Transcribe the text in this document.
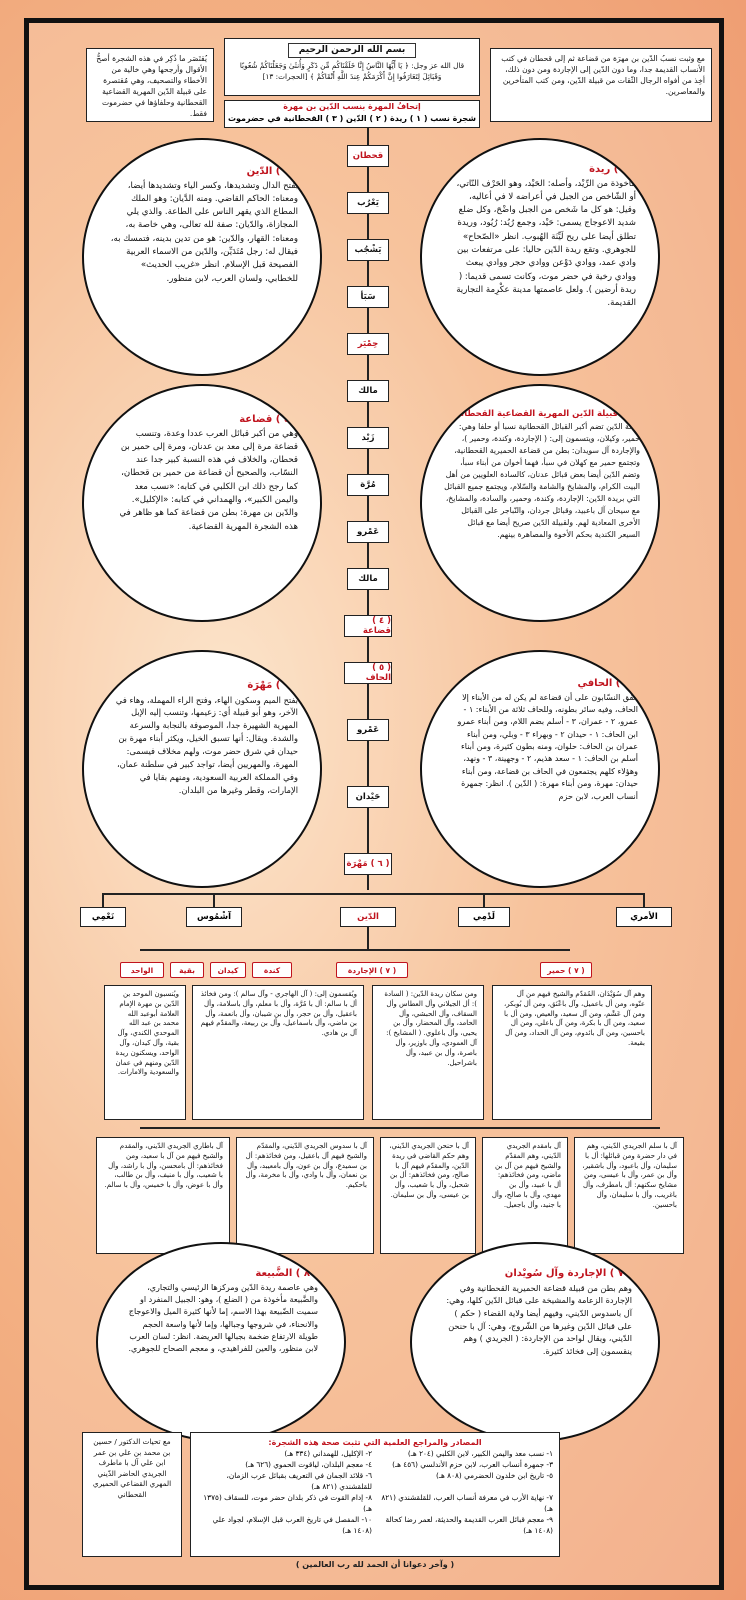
مع وثبت نسبُ الدّين بن مهرَة من قضاعة ثم إلى قحطان في كتب الأنساب القديمة جدا، وما دون الدّين إلى الإجاردة ومن دون ذلك، أخِذ من أفواه الرجال الثّقات من قبيلة الدّين، ومن كتب المتأخرين والمعاصرين.
بسم الله الرحمن الرحيم
قال الله عز وجل: ﴿ يَا أَيُّهَا النَّاسُ إِنَّا خَلَقْنَاكُم مِّن ذَكَرٍ وَأُنثَىٰ وَجَعَلْنَاكُمْ شُعُوبًا وَقَبَائِلَ لِتَعَارَفُوا إِنَّ أَكْرَمَكُمْ عِندَ اللَّهِ أَتْقَاكُمْ ﴾ [الحجرات: ١٣]
يُقتَصَر ما ذُكِر في هذه الشجرة أصحُّ الأقوال وأرجحها وهي خالية من الأخطاء والتصحيف، وهي مُقتصرة على قبيلة الدّين المهرية القضاعية القحطانية وحلفاؤها في حضرموت فقط.
إتحافُ المهرة بنسب الدّين بن مهرة
شجرة نسب ( ١ ) ريدة ( ٢ ) الدّين ( ٣ ) القحطانية في حضرموت
قحطان
يَعْرُب
يَشْجُب
سَبَأ
حِمْيَر
مالك
زَيْد
مُرَّة
عَمْرو
مالك
( ٤ ) قضاعة
( ٥ ) الحاف
عَمْرو
حَيْدان
( ٦ ) مَهْرَة
( ١ ) ريدة
مأخوذة من الرِّيْد، وأصله: الحَيْد، وهو الحَرْف النّاتي، أو الشّاخص من الجبل في أعراضه لا في أعاليه، وقيل: هو كل ما شَخص من الجبل واضْحَ، وكل ضلع شديد الاعوجاج يسمى: حَيْد، وجمع رُيُد: رُيُود، وريدة تطلق أيضا على ريح لَيِّنَة الهُبوب. انظر «الصّحاح» للجوهري. وتقع ريدة الدّين حاليا: على مرتفعات بين وادي عمد، ووادي دَوْعن ووادي حجر ووادي يبعث ووادي رخية في حضر موت، وكانت تسمى قديما: ( ريدة أرضين ). ولعل عاصمتها مدينة عكْرِمة التجارية القديمة.
( ٢ ) الدّين
بفتح الدال وتشديدها، وكسر الياء وتشديدها أيضا، ومعناه: الحاكم القاضي. ومنه الدَّيان: وهو الملك المطاع الذي يقهر الناس على الطاعة. والذي يلي المجازاة، والدّيان: صفة لله تعالى، وهي خاصة به، ومعناه: القهار، والدّين: هو من تدين بدينه، فتمسك به، فيقال له: رجل مُتَدَيِّن، والدّين من الاسماء العربية الفصيحة قبل الإسلام. انظر «غريب الحديث» للخطابي، ولسان العرب، لابن منظور.
( ٣ ) قبيلة الدّين المهرية القضاعية القحطانية
قبيلة الدّين تضم أكبر القبائل القحطانية نسبا أو حلفا وهي: حمير، وكيلان، ويتسمون إلى: ( الإجاردة، وكندة، وحمير )، والإجاردة آل سويدان: بطن من قضاعة الحميرية القحطانية، وتجتمع حمير مع كهلان في سبأ، فهما أخوان من أبناء سبأ، وتضم الدّين أيضا بعض قبائل عدنان، كالسادة العلويين من أهل البيت الكرام، والمشايخ والشامة والسّلام، ويجتمع جميع القبائل التي بريدة الدّين: الإجاردة، وكندة، وحمير، والسادة، والمشايخ، مع سيحان آل باعبيد، وقبائل جردان، والنّباجر على القبائل الأخرى المعادية لهم. ولقبيلة الدّين صريح أيضا مع قبائل السيعر الكندية بحكم الأخوة والمصاهرة بينهم.
( ٤ ) قضاعة
وهي من أكبر قبائل العرب عددا وعدة، وتنسب قضاعة مرة إلى معد بن عدنان، ومرة إلى حمير بن قحطان، والخلاف في هذه النسبة كبير جدا عند النسّاب، والصحيح أن قضاعة من حمير بن قحطان، كما رجح ذلك ابن الكلبي في كتابه: «نسب معد واليمن الكبير»، والهمداني في كتابه: «الإكليل». والدّين بن مهرة: بطن من قضاعة كما هو ظاهر في هذه الشجرة المهرية القضاعية.
( ٥ ) الحافي
اتفق النسّابون على أن قضاعة لم يكن له من الأبناء إلا الحاف، وفيه سائر بطونه، وللحاف ثلاثة من الأبناء: ١ - عمرو، ٢ - عمران، ٣ - أسلم بضم اللام، ومن أبناء عمرو ابن الحاف: ١ - حيدان ٢ - وبهراء ٣ - وبلي، ومن أبناء عمران بن الحاف: حلوان، ومنه بطون كثيرة، ومن أبناء أسلم بن الحاف: ١ - سعد هذيم، ٢ - وجهينة، ٣ - ونهد، وهؤلاء كلهم يجتمعون في الحاف بن قضاعة، ومن أبناء حيدان: مهرة، ومن أبناء مهرة: ( الدّين ). انظر: جمهرة أنساب العرب، لابن حزم
( ٦ ) مَهْرَة
بفتح الميم وسكون الهاء، وفتح الراء المهملة، وهاء في الآخر، وهو أبو قبيلة أي: زعيمها، وتنسب إليه الإبل المهرية الشهيرة جدا، الموصوفة بالنجابة والسرعة والشدة. ويقال: أنها تسبق الخيل، ويكثر أبناء مهرة بن حيدان في شرق حضر موت، ولهم مخلاف فيسمى: المهرة، والمهريين أيضا، تواجد كبير في سلطنة عمان، وفي المملكة العربية السعودية، ومنهم بقايا في الإمارات، وقطر وغيرها من البلدان.
نَعْمِي	آشْمُوس	الدّين	لَدْمِي	الأمري
الواحد	بقية	كيدان	كندة	( ٧ ) الإجاردة	( ٧ ) حمير
وهم آل سُوَيْدَان، المُقدّم والشيخ فيهم من آل عنّوه، ومن أل باعميل، وآل باعْنَق، ومن أل بُوبكر، ومن آل عَشْم، ومن آل سعيد، والعيص، ومن أل با سعيد، ومن آل با بكرة، ومن آل باعلي، ومن أل باحسين، ومن آل بائدوم، ومن آل الحداد، ومن آل بقيعة.
ومن سكان ريدة الدّين: ( السادة ): أل الجيلاني وأل العطاس وأل السقاف، وأل الحبشي، وأل الحامد، وأل المحضار، وأل بن يحيى، وأل باعلوي. ( المشايخ ): آل العمودي، وأل باوزير، وأل باصرة، وأل بن عبيد، وأل باشراحيل.
ويُقسمون إلى: ( آل الهاجري - وآل سالم ): ومن فخائذ أل با سالم: أل با مُرَّة، وأل با معلم، وأل باسلامة، وأل باعقيل، وأل بن حجر، وأل بن شيبان، وأل بانعمة، وأل بن ماضي، وأل باسماعيل، وأل بن ربيعة، والمقدّم فيهم آل بن هادي.
ويُنسبون الموحد بن الدّين بن مهرة الإمام العلامة أبوعبد الله محمد بن عبد الله الموحدي الكندي، وآل بقية، وآل كيدان، وآل الواحد، ويسكنون ريدة الدّين ومنهم في عمان والسعودية والامارات.
آل با سلم الجريدي الدّيني، وهم في دار حضرة ومن قبائلها: أل با سليمان، وأل باعبود، وأل باشقير، وأل بن عمر، وأل با عيسى، ومن مشايخ سكنهم: أل بامطرف، وأل باغريب، وأل با سليمان، وأل باحسين.
آل بامقدم الجريدي الدّيني، وهم المقدّم والشيخ فيهم من آل بن ماضي، ومن فخائذهم: أل با عبيد، وأل بن مهدي، وأل با صالح، وأل با جنيد، وأل باجعيل.
آل با حنحن الجريدي الدّيني، وهم حكم القاضي في ريدة الدّين، والمقدّم فيهم آل با صالح، ومن فخائذهم: أل بن شحبل، وأل با شعيب، وأل بن عيسى، وأل بن سليمان.
آل با سدوس الجريدي الدّيني، والمقدّم والشيخ فيهم آل باعقيل، ومن فخائذهم: أل بن سميدع، وأل بن عون، وأل بامعيبد، وأل بن نعمان، وأل با وادي، وأل با مخرمة، وأل باحكيم.
آل باطاري الجريدي الدّيني، والمقدم والشيخ فيهم من آل با سعيد، ومن فخائذهم: أل بامحسن، وأل با راشد، وأل با شعيب، وأل با منيف، وأل بن طالب، وأل با عوض، وأل با خميس، وأل با سالم.
( ٧ ) الإجاردة وآل سُويْدان
وهم بطن من قبيلة قضاعة الحميرية القحطانية وفي الإجاردة الزعامة والمشيخة على قبائل الدّين كلها، وهي: آل باسدوس الدّيني، وفيهم أيضا ولاية القضاء ( حكم ) على قبائل الدّين وغيرها من الشّروج، وهي: آل با حنحن الدّيني، ويقال لواحد من الإجاردة: ( الجريدي ) وهم ينقسمون إلى فخائذ كثيرة.
( ٨ ) الضَّبيعة
وهي عاصمة ريدة الدّين ومركزها الرئيسي والتجاري، والضَّبيعة مأخوذة من ( الضلع )، وهو: الجبيل المنفرد او سميت الضّبيعة بهذا الاسم، إما لأنها كثيرة الميل والاعوجاج والانحناء، في شروجها وجبالها، وإما لأنها واسعة الحجم طويلة الارتفاع ضخمة بجبالها العريضة. انظر: لسان العرب لابن منظور، والعين للفراهيدي، و معجم الصحاح للجوهري.
مع تحيات الدكتور / حسين بن محمد بن علي بن عمر ابن علي آل با ماطرف الجريدي الحاضر الدّيني المهري القضاعي الحميري القحطاني
المصادر والمراجع العلمية التي تثبت صحة هذه الشجرة:
١- نسب معد واليمن الكبير، لابن الكلبي (٢٠٤ هـ)
٢- الإكليل، للهمداني (٣٣٤ هـ)
٣- جمهرة أنساب العرب، لابن حزم الأندلسي (٤٥٦ هـ)
٤- معجم البلدان، لياقوت الحموي (٦٢٦ هـ)
٥- تاريخ ابن خلدون الحضرمي (٨٠٨ هـ)
٦- قلائد الجمان في التعريف بقبائل عرب الزمان، للقلقشندي (٨٢١ هـ)
٧- نهاية الأرب في معرفة أنساب العرب، للقلقشندي (٨٢١ هـ)
٨- إدام القوت في ذكر بلدان حضر موت، للسقاف (١٣٧٥ هـ)
٩- معجم قبائل العرب القديمة والحديثة، لعمر رضا كحالة (١٤٠٨ هـ)
١٠- المفصل في تاريخ العرب قبل الإسلام، لجواد علي (١٤٠٨ هـ)
( وآخر دعوانا أن الحمد لله رب العالمين )
